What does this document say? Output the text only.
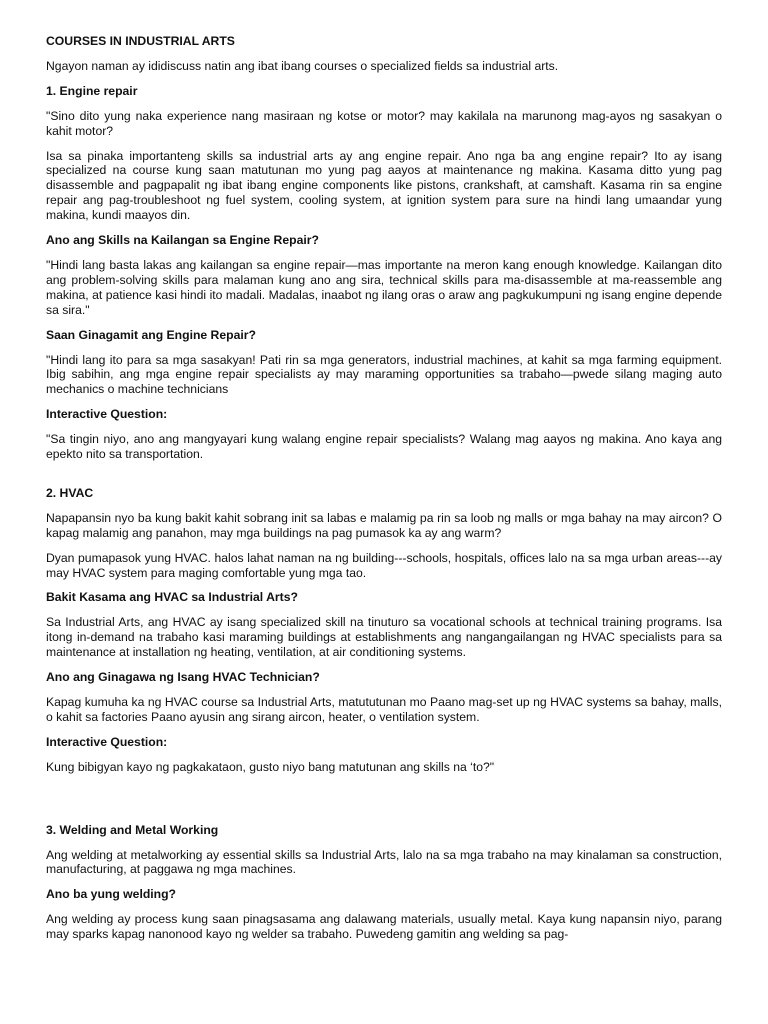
COURSES IN INDUSTRIAL ARTS
Ngayon naman ay ididiscuss natin ang ibat ibang courses o specialized fields sa industrial arts.
1. Engine repair
"Sino dito yung naka experience nang masiraan ng kotse or motor? may kakilala na marunong mag-ayos ng sasakyan o kahit motor?
Isa sa pinaka importanteng skills sa industrial arts ay ang engine repair. Ano nga ba ang engine repair? Ito ay isang specialized na course kung saan matutunan mo yung pag aayos at maintenance ng makina. Kasama ditto yung pag disassemble and pagpapalit ng ibat ibang engine components like pistons, crankshaft, at camshaft. Kasama rin sa engine repair ang pag-troubleshoot ng fuel system, cooling system, at ignition system para sure na hindi lang umaandar yung makina, kundi maayos din.
Ano ang Skills na Kailangan sa Engine Repair?
"Hindi lang basta lakas ang kailangan sa engine repair—mas importante na meron kang enough knowledge. Kailangan dito ang problem-solving skills para malaman kung ano ang sira, technical skills para ma-disassemble at ma-reassemble ang makina, at patience kasi hindi ito madali. Madalas, inaabot ng ilang oras o araw ang pagkukumpuni ng isang engine depende sa sira."
Saan Ginagamit ang Engine Repair?
"Hindi lang ito para sa mga sasakyan! Pati rin sa mga generators, industrial machines, at kahit sa mga farming equipment. Ibig sabihin, ang mga engine repair specialists ay may maraming opportunities sa trabaho—pwede silang maging auto mechanics o machine technicians
Interactive Question:
"Sa tingin niyo, ano ang mangyayari kung walang engine repair specialists? Walang mag aayos ng makina. Ano kaya ang epekto nito sa transportation.
2. HVAC
Napapansin nyo ba kung bakit kahit sobrang init sa labas e malamig pa rin sa loob ng malls or mga bahay na may aircon? O kapag malamig ang panahon, may mga buildings na pag pumasok ka ay ang warm?
Dyan pumapasok yung HVAC. halos lahat naman na ng building---schools, hospitals, offices lalo na sa mga urban areas---ay may HVAC system para maging comfortable yung mga tao.
Bakit Kasama ang HVAC sa Industrial Arts?
Sa Industrial Arts, ang HVAC ay isang specialized skill na tinuturo sa vocational schools at technical training programs. Isa itong in-demand na trabaho kasi maraming buildings at establishments ang nangangailangan ng HVAC specialists para sa maintenance at installation ng heating, ventilation, at air conditioning systems.
Ano ang Ginagawa ng Isang HVAC Technician?
Kapag kumuha ka ng HVAC course sa Industrial Arts, matututunan mo Paano mag-set up ng HVAC systems sa bahay, malls, o kahit sa factories Paano ayusin ang sirang aircon, heater, o ventilation system.
Interactive Question:
Kung bibigyan kayo ng pagkakataon, gusto niyo bang matutunan ang skills na ‘to?"
3. Welding and Metal Working
Ang welding at metalworking ay essential skills sa Industrial Arts, lalo na sa mga trabaho na may kinalaman sa construction, manufacturing, at paggawa ng mga machines.
Ano ba yung welding?
Ang welding ay process kung saan pinagsasama ang dalawang materials, usually metal. Kaya kung napansin niyo, parang may sparks kapag nanonood kayo ng welder sa trabaho. Puwedeng gamitin ang welding sa pag-
